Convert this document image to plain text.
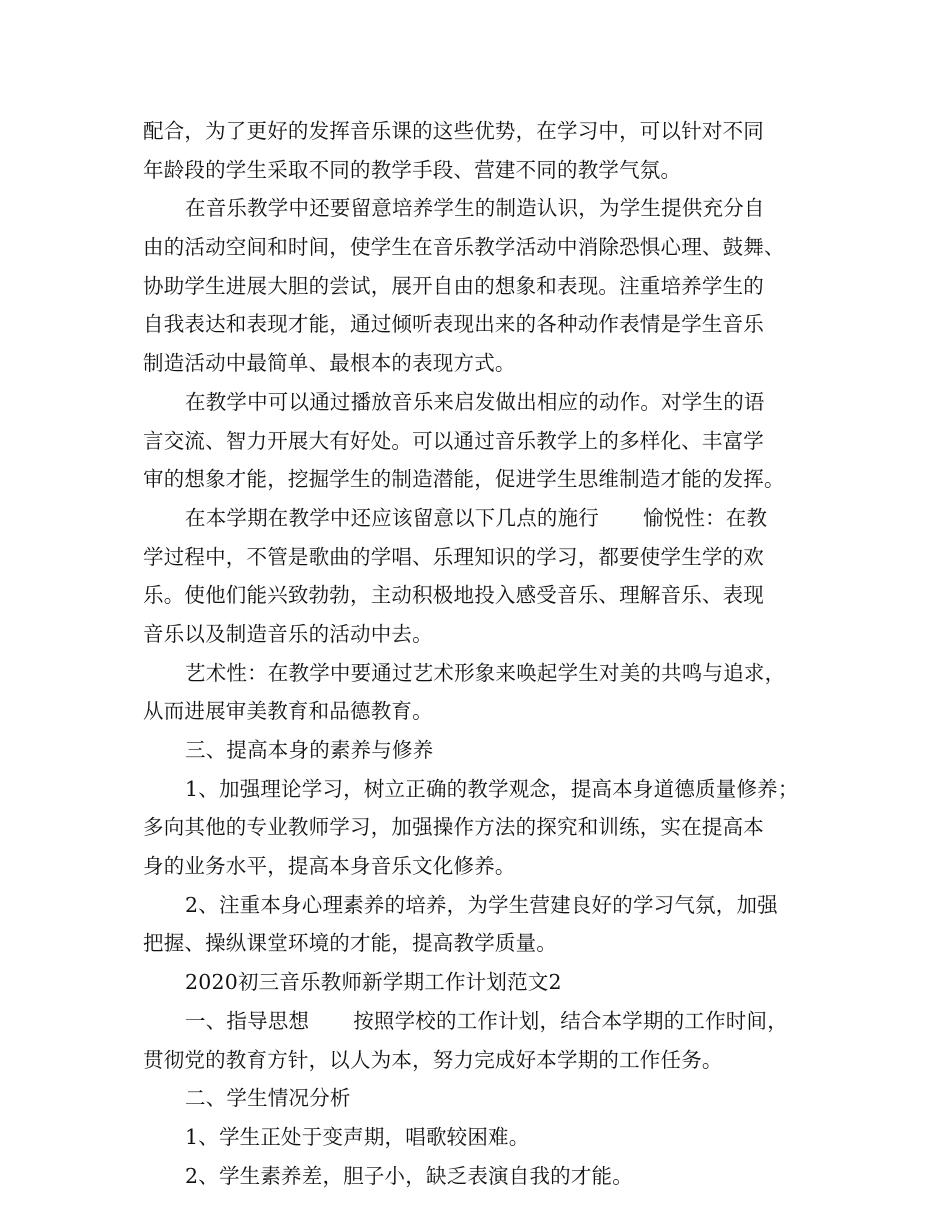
配合，为了更好的发挥音乐课的这些优势，在学习中，可以针对不同
年龄段的学生采取不同的教学手段、营建不同的教学气氛。
在音乐教学中还要留意培养学生的制造认识，为学生提供充分自
由的活动空间和时间，使学生在音乐教学活动中消除恐惧心理、鼓舞、
协助学生进展大胆的尝试，展开自由的想象和表现。注重培养学生的
自我表达和表现才能，通过倾听表现出来的各种动作表情是学生音乐
制造活动中最简单、最根本的表现方式。
在教学中可以通过播放音乐来启发做出相应的动作。对学生的语
言交流、智力开展大有好处。可以通过音乐教学上的多样化、丰富学
审的想象才能，挖掘学生的制造潜能，促进学生思维制造才能的发挥。
在本学期在教学中还应该留意以下几点的施行 愉悦性：在教
学过程中，不管是歌曲的学唱、乐理知识的学习，都要使学生学的欢
乐。使他们能兴致勃勃，主动积极地投入感受音乐、理解音乐、表现
音乐以及制造音乐的活动中去。
艺术性：在教学中要通过艺术形象来唤起学生对美的共鸣与追求，
从而进展审美教育和品德教育。
三、提高本身的素养与修养
1、加强理论学习，树立正确的教学观念，提高本身道德质量修养；
多向其他的专业教师学习，加强操作方法的探究和训练，实在提高本
身的业务水平，提高本身音乐文化修养。
2、注重本身心理素养的培养，为学生营建良好的学习气氛，加强
把握、操纵课堂环境的才能，提高教学质量。
2020初三音乐教师新学期工作计划范文2
一、指导思想 按照学校的工作计划，结合本学期的工作时间，
贯彻党的教育方针，以人为本，努力完成好本学期的工作任务。
二、学生情况分析
1、学生正处于变声期，唱歌较困难。
2、学生素养差，胆子小，缺乏表演自我的才能。
